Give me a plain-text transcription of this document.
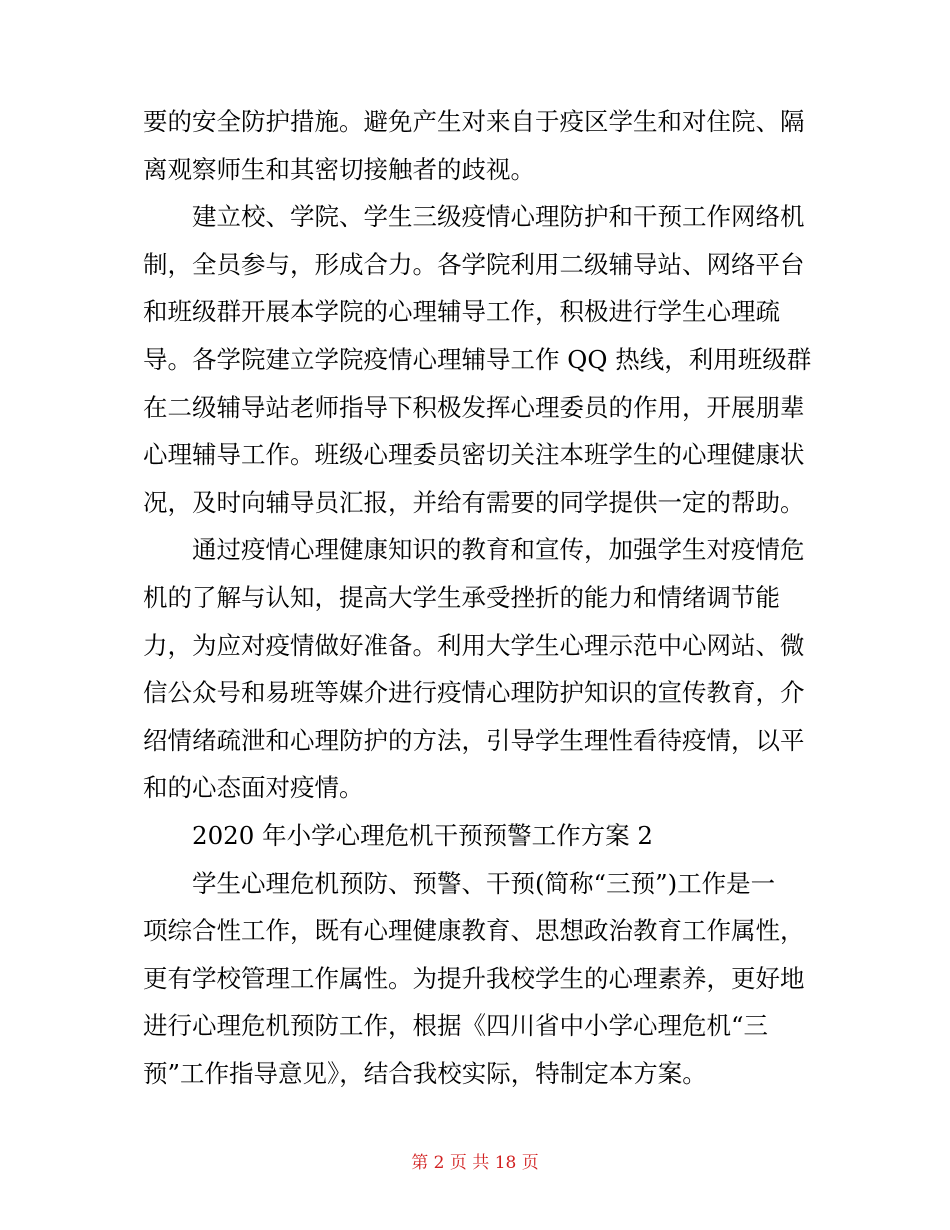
要的安全防护措施。避免产生对来自于疫区学生和对住院、隔
离观察师生和其密切接触者的歧视。
建立校、学院、学生三级疫情心理防护和干预工作网络机
制，全员参与，形成合力。各学院利用二级辅导站、网络平台
和班级群开展本学院的心理辅导工作，积极进行学生心理疏
导。各学院建立学院疫情心理辅导工作 QQ 热线，利用班级群
在二级辅导站老师指导下积极发挥心理委员的作用，开展朋辈
心理辅导工作。班级心理委员密切关注本班学生的心理健康状
况，及时向辅导员汇报，并给有需要的同学提供一定的帮助。
通过疫情心理健康知识的教育和宣传，加强学生对疫情危
机的了解与认知，提高大学生承受挫折的能力和情绪调节能
力，为应对疫情做好准备。利用大学生心理示范中心网站、微
信公众号和易班等媒介进行疫情心理防护知识的宣传教育，介
绍情绪疏泄和心理防护的方法，引导学生理性看待疫情，以平
和的心态面对疫情。
2020 年小学心理危机干预预警工作方案 2
学生心理危机预防、预警、干预(简称“三预”)工作是一
项综合性工作，既有心理健康教育、思想政治教育工作属性，
更有学校管理工作属性。为提升我校学生的心理素养，更好地
进行心理危机预防工作，根据《四川省中小学心理危机“三
预”工作指导意见》，结合我校实际，特制定本方案。
第 2 页 共 18 页
